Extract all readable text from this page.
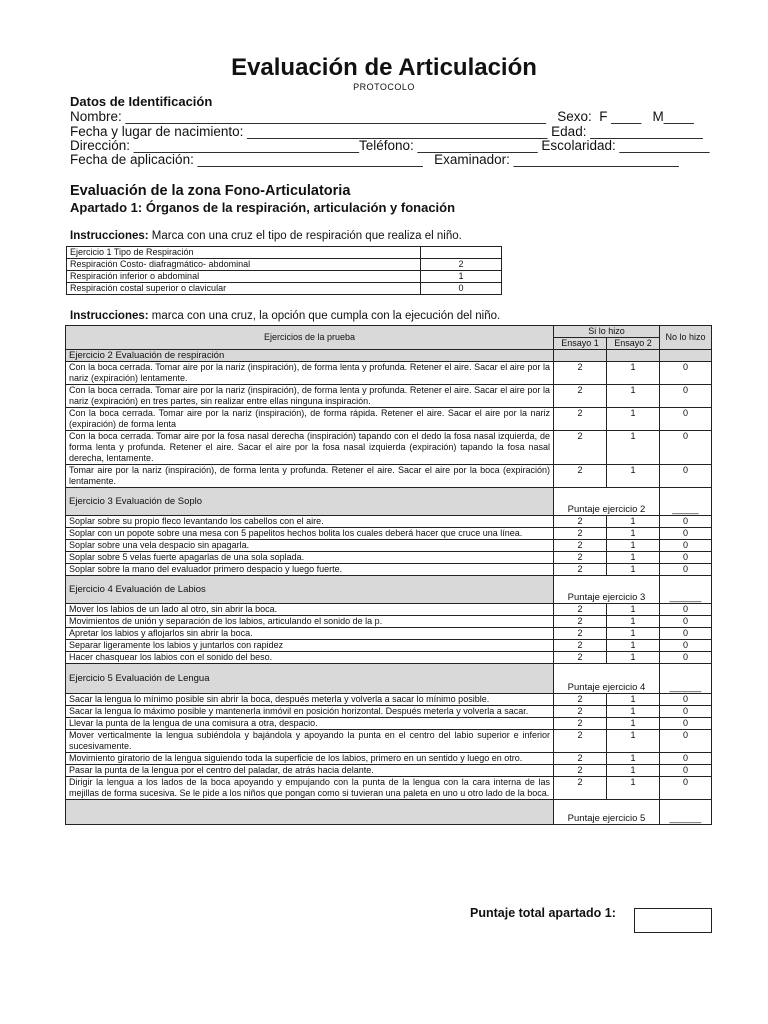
Evaluación de Articulación
PROTOCOLO
Datos de Identificación
Nombre: ________________________________________________________   Sexo:  F ____   M____
Fecha y lugar de nacimiento: ________________________________________ Edad: _______________
Dirección: ______________________________Teléfono: ________________ Escolaridad: ____________
Fecha de aplicación: ______________________________   Examinador: ______________________
Evaluación de la zona Fono-Articulatoria
Apartado 1: Órganos de la respiración, articulación y fonación
Instrucciones: Marca con una cruz el tipo de respiración que realiza el niño.
Ejercicio 1 Tipo de Respiración	
Respiración Costo- diafragmático- abdominal	2
Respiración inferior o abdominal	1
Respiración costal superior o clavicular	0
Instrucciones: marca con una cruz, la opción que cumpla con la ejecución del niño.
Ejercicios de la prueba	Si lo hizo		No lo hizo
	Ensayo 1	Ensayo 2	
Ejercicio 2 Evaluación de respiración			
Con la boca cerrada. Tomar aire por la nariz (inspiración), de forma lenta y profunda. Retener el aire. Sacar el aire por la nariz (expiración) lentamente.	2	1	0
Con la boca cerrada. Tomar aire por la nariz (inspiración), de forma lenta y profunda. Retener el aire. Sacar el aire por la nariz (expiración) en tres partes, sin realizar entre ellas ninguna inspiración.	2	1	0
Con la boca cerrada. Tomar aire por la nariz (inspiración), de forma rápida. Retener el aire. Sacar el aire por la nariz (expiración) de forma lenta	2	1	0
Con la boca cerrada. Tomar aire por la fosa nasal derecha (inspiración) tapando con el dedo la fosa nasal izquierda, de forma lenta y profunda. Retener el aire. Sacar el aire por la fosa nasal izquierda (expiración) tapando la fosa nasal derecha, lentamente.	2	1	0
Tomar aire por la nariz (inspiración), de forma lenta y profunda. Retener el aire. Sacar el aire por la boca (expiración) lentamente.	2	1	0
Ejercicio 3 Evaluación de Soplo	Puntaje ejercicio 2		_____
Soplar sobre su propio fleco levantando los cabellos con el aire.	2	1	0
Soplar con un popote sobre una mesa con 5 papelitos hechos bolita los cuales deberá hacer que cruce una línea.	2	1	0
Soplar sobre una vela despacio sin apagarla.	2	1	0
Soplar sobre 5 velas fuerte apagarlas de una sola soplada.	2	1	0
Soplar sobre la mano del evaluador primero despacio y luego fuerte.	2	1	0
Ejercicio 4 Evaluación de Labios	Puntaje ejercicio 3		______
Mover los labios de un lado al otro, sin abrir la boca.	2	1	0
Movimientos de unión y separación de los labios, articulando el sonido de la p.	2	1	0
Apretar los labios y aflojarlos sin abrir la boca.	2	1	0
Separar ligeramente los labios y juntarlos con rapidez	2	1	0
Hacer chasquear los labios con el sonido del beso.	2	1	0
Ejercicio 5 Evaluación de Lengua	Puntaje ejercicio 4		______
Sacar la lengua lo mínimo posible sin abrir la boca, después meterla y volverla a sacar lo mínimo posible.	2	1	0
Sacar la lengua lo máximo posible y mantenerla inmóvil en posición horizontal. Después meterla y volverla a sacar.	2	1	0
Llevar la punta de la lengua de una comisura a otra, despacio.	2	1	0
Mover verticalmente la lengua subiéndola y bajándola y apoyando la punta en el centro del labio superior e inferior sucesivamente.	2	1	0
Movimiento giratorio de la lengua siguiendo toda la superficie de los labios, primero en un sentido y luego en otro.	2	1	0
Pasar la punta de la lengua por el centro del paladar, de atrás hacia delante.	2	1	0
Dirigir la lengua a los lados de la boca apoyando y empujando con la punta de la lengua con la cara interna de las mejillas de forma sucesiva. Se le pide a los niños que pongan como si tuvieran una paleta en uno u otro lado de la boca.	2	1	0
	Puntaje ejercicio 5		______
Puntaje total apartado 1:
